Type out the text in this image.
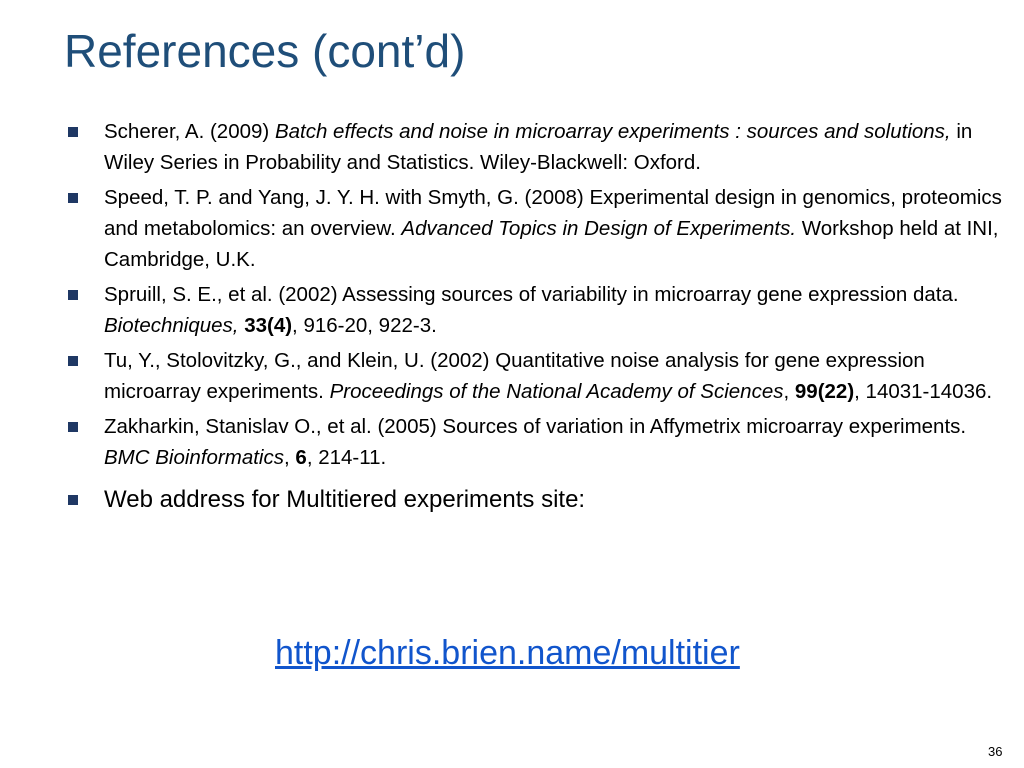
References (cont’d)
Scherer, A. (2009) Batch effects and noise in microarray experiments : sources and solutions, in Wiley Series in Probability and Statistics. Wiley-Blackwell: Oxford.
Speed, T. P. and Yang, J. Y. H. with Smyth, G. (2008) Experimental design in genomics, proteomics and metabolomics: an overview. Advanced Topics in Design of Experiments. Workshop held at INI, Cambridge, U.K.
Spruill, S. E., et al. (2002) Assessing sources of variability in microarray gene expression data. Biotechniques, 33(4), 916-20, 922-3.
Tu, Y., Stolovitzky, G., and Klein, U. (2002) Quantitative noise analysis for gene expression microarray experiments. Proceedings of the National Academy of Sciences, 99(22), 14031-14036.
Zakharkin, Stanislav O., et al. (2005) Sources of variation in Affymetrix microarray experiments. BMC Bioinformatics, 6, 214-11.
Web address for Multitiered experiments site:
http://chris.brien.name/multitier
36
